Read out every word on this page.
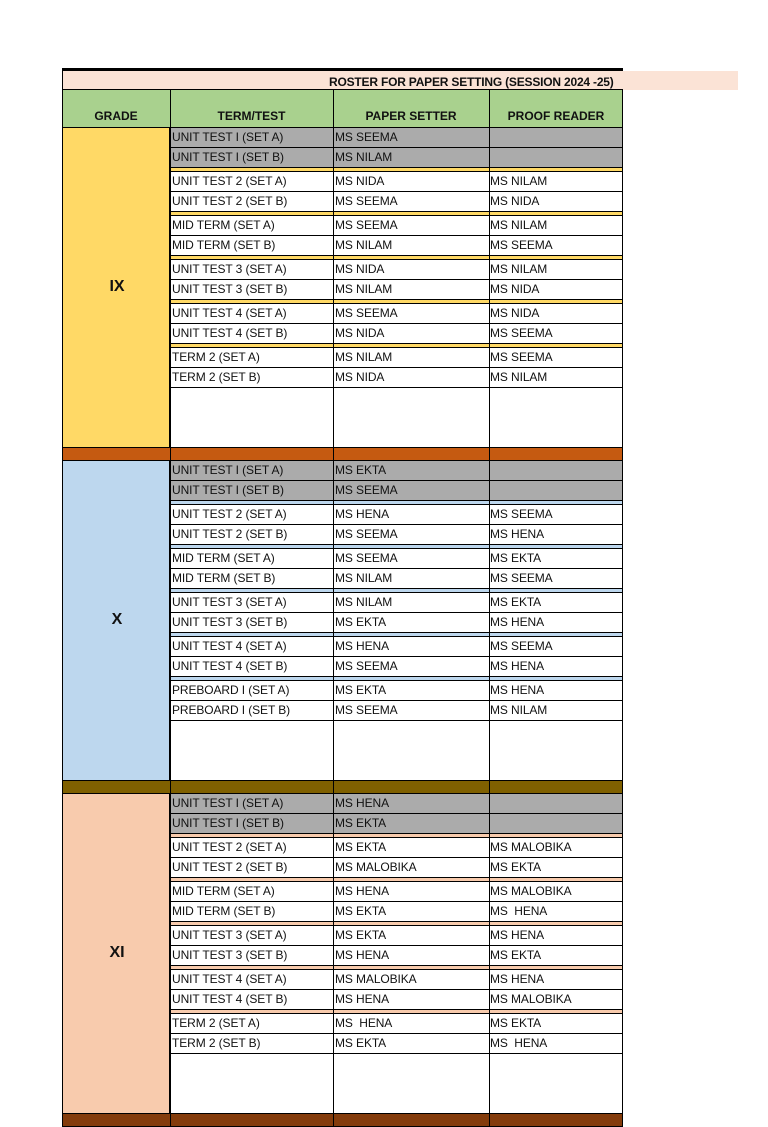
ROSTER FOR PAPER SETTING (SESSION 2024 -25)
GRADE	TERM/TEST	PAPER SETTER	PROOF READER
IX
UNIT TEST I (SET A)	MS SEEMA
UNIT TEST I (SET B)	MS NILAM
UNIT TEST 2 (SET A)	MS NIDA	MS NILAM
UNIT TEST 2 (SET B)	MS SEEMA	MS NIDA
MID TERM (SET A)	MS SEEMA	MS NILAM
MID TERM (SET B)	MS NILAM	MS SEEMA
UNIT TEST 3 (SET A)	MS NIDA	MS NILAM
UNIT TEST 3 (SET B)	MS NILAM	MS NIDA
UNIT TEST 4 (SET A)	MS SEEMA	MS NIDA
UNIT TEST 4 (SET B)	MS NIDA	MS SEEMA
TERM 2 (SET A)	MS NILAM	MS SEEMA
TERM 2 (SET B)	MS NIDA	MS NILAM
X
UNIT TEST I (SET A)	MS EKTA
UNIT TEST I (SET B)	MS SEEMA
UNIT TEST 2 (SET A)	MS HENA	MS SEEMA
UNIT TEST 2 (SET B)	MS SEEMA	MS HENA
MID TERM (SET A)	MS SEEMA	MS EKTA
MID TERM (SET B)	MS NILAM	MS SEEMA
UNIT TEST 3 (SET A)	MS NILAM	MS EKTA
UNIT TEST 3 (SET B)	MS EKTA	MS HENA
UNIT TEST 4 (SET A)	MS HENA	MS SEEMA
UNIT TEST 4 (SET B)	MS SEEMA	MS HENA
PREBOARD I (SET A)	MS EKTA	MS HENA
PREBOARD I (SET B)	MS SEEMA	MS NILAM
XI
UNIT TEST I (SET A)	MS HENA
UNIT TEST I (SET B)	MS EKTA
UNIT TEST 2 (SET A)	MS EKTA	MS MALOBIKA
UNIT TEST 2 (SET B)	MS MALOBIKA	MS EKTA
MID TERM (SET A)	MS HENA	MS MALOBIKA
MID TERM (SET B)	MS EKTA	MS  HENA
UNIT TEST 3 (SET A)	MS EKTA	MS HENA
UNIT TEST 3 (SET B)	MS HENA	MS EKTA
UNIT TEST 4 (SET A)	MS MALOBIKA	MS HENA
UNIT TEST 4 (SET B)	MS HENA	MS MALOBIKA
TERM 2 (SET A)	MS  HENA	MS EKTA
TERM 2 (SET B)	MS EKTA	MS  HENA
